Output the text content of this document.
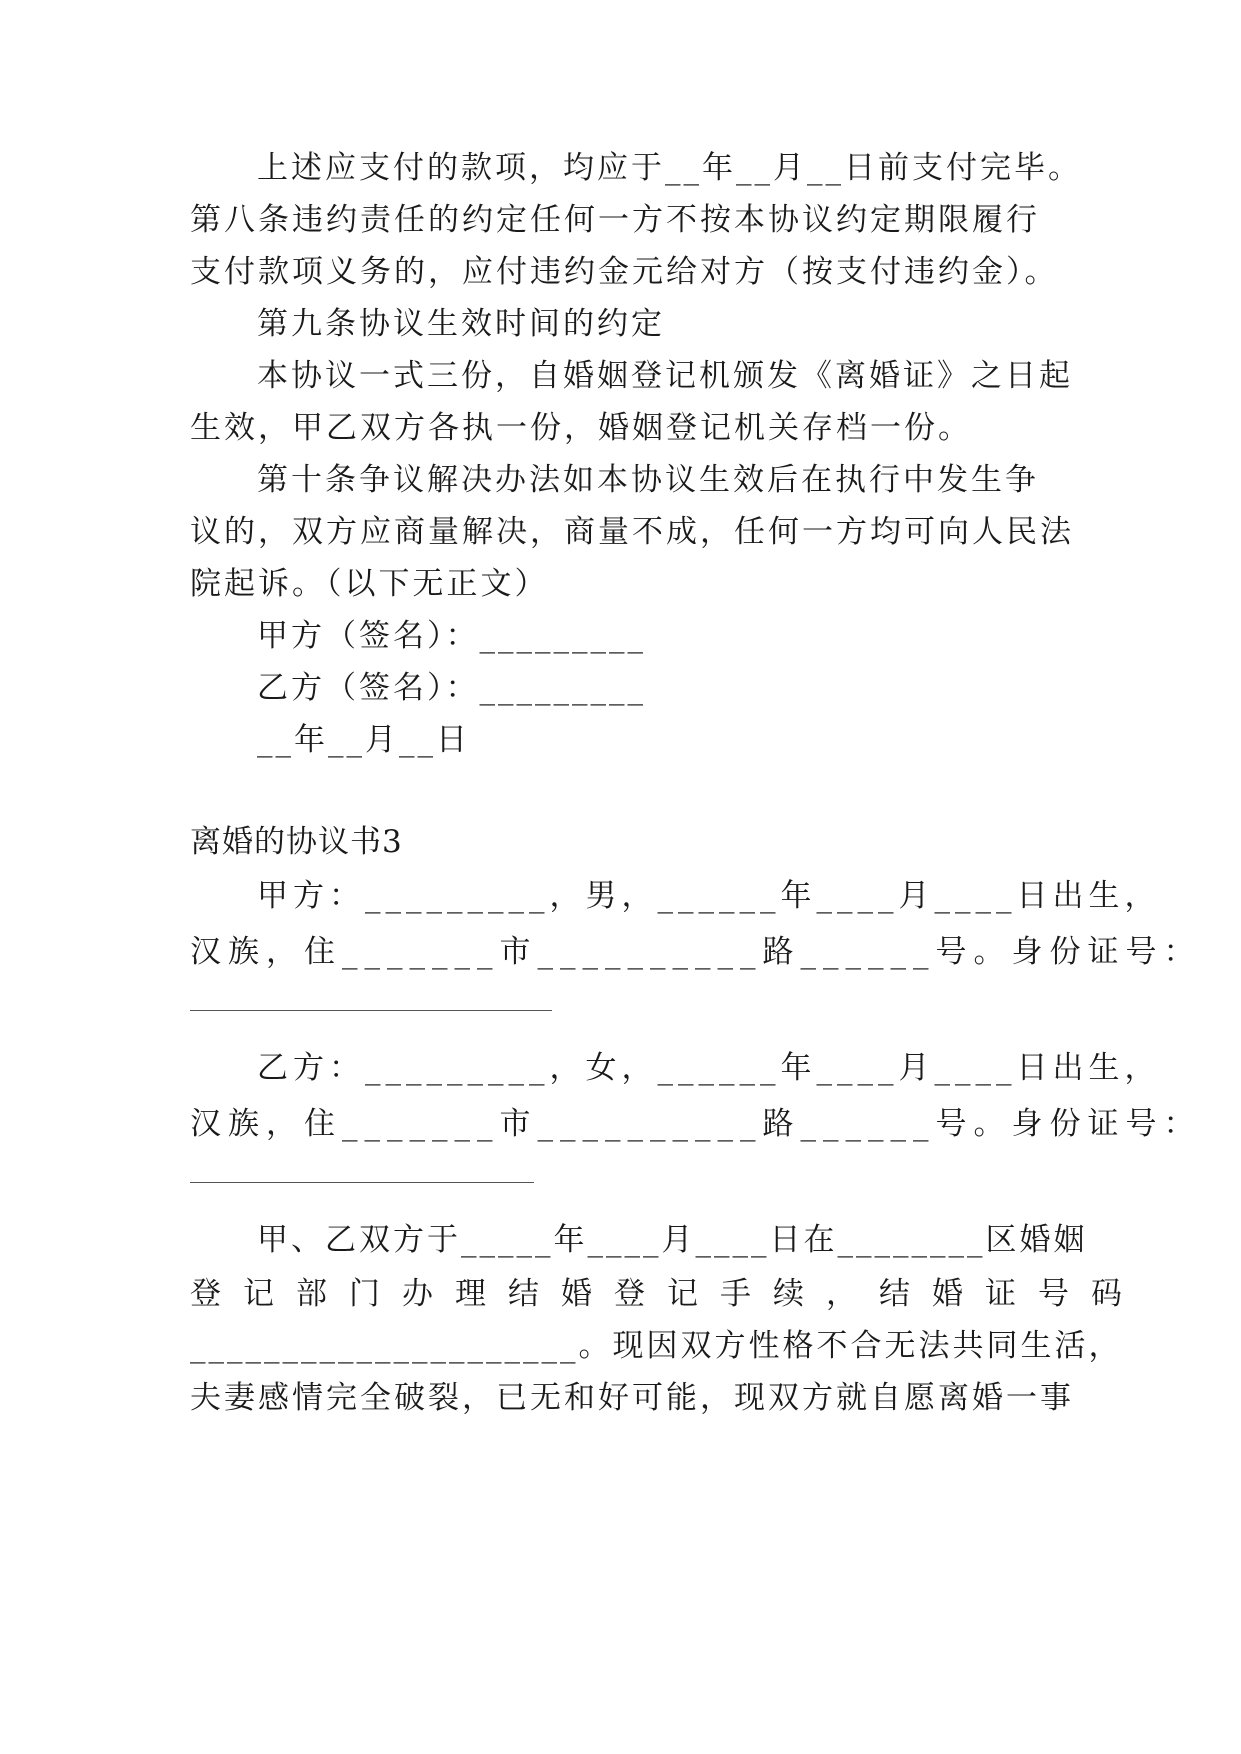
上述应支付的款项，均应于__年__月__日前支付完毕。
第八条违约责任的约定任何一方不按本协议约定期限履行
支付款项义务的，应付违约金元给对方（按支付违约金）。
第九条协议生效时间的约定
本协议一式三份，自婚姻登记机颁发《离婚证》之日起
生效，甲乙双方各执一份，婚姻登记机关存档一份。
第十条争议解决办法如本协议生效后在执行中发生争
议的，双方应商量解决，商量不成，任何一方均可向人民法
院起诉。（以下无正文）
甲方（签名）：_________
乙方（签名）：_________
__年__月__日
离婚的协议书3
甲方：_________，男，______年____月____日出生，
汉族，住_______市__________路______号。身份证号：
乙方：_________，女，______年____月____日出生，
汉族，住_______市__________路______号。身份证号：
甲、乙双方于_____年____月____日在________区婚姻
登记部门办理结婚登记手续，结婚证号码
_____________________。现因双方性格不合无法共同生活，
夫妻感情完全破裂，已无和好可能，现双方就自愿离婚一事
